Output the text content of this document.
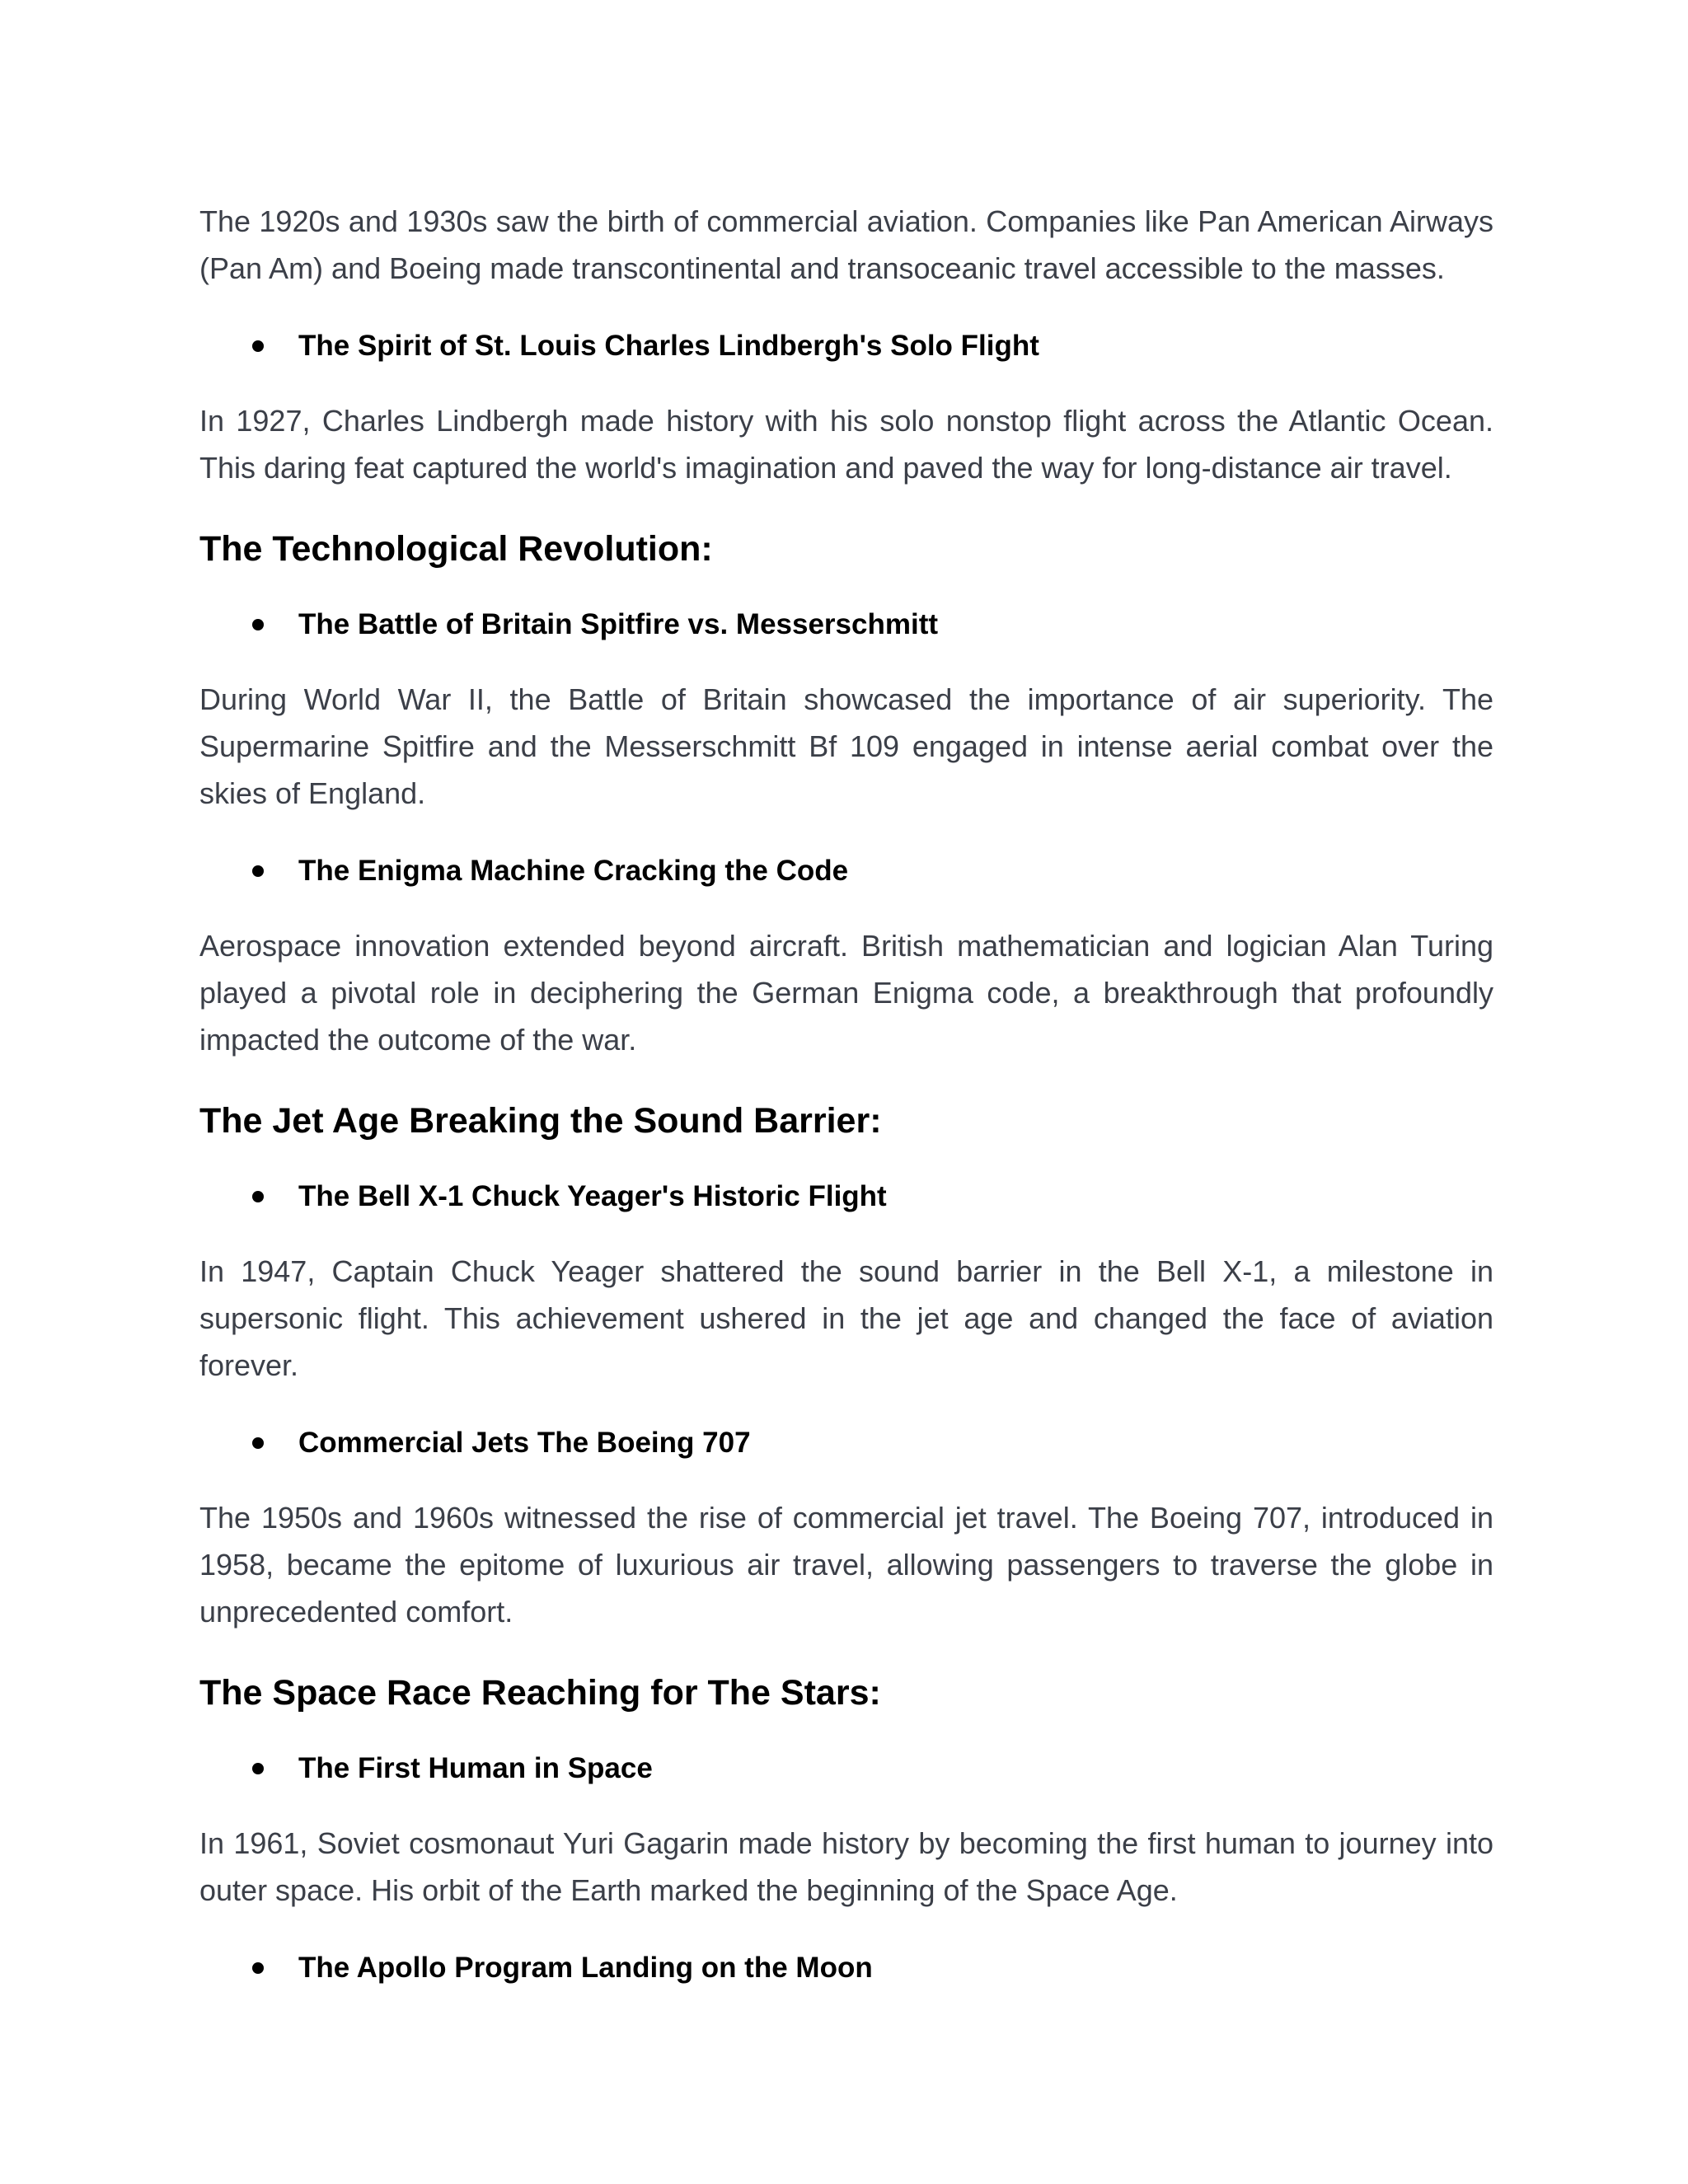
The 1920s and 1930s saw the birth of commercial aviation. Companies like Pan American Airways (Pan Am) and Boeing made transcontinental and transoceanic travel accessible to the masses.

The Spirit of St. Louis Charles Lindbergh's Solo Flight

In 1927, Charles Lindbergh made history with his solo nonstop flight across the Atlantic Ocean. This daring feat captured the world's imagination and paved the way for long-distance air travel.

The Technological Revolution:

The Battle of Britain Spitfire vs. Messerschmitt

During World War II, the Battle of Britain showcased the importance of air superiority. The Supermarine Spitfire and the Messerschmitt Bf 109 engaged in intense aerial combat over the skies of England.

The Enigma Machine Cracking the Code

Aerospace innovation extended beyond aircraft. British mathematician and logician Alan Turing played a pivotal role in deciphering the German Enigma code, a breakthrough that profoundly impacted the outcome of the war.

The Jet Age Breaking the Sound Barrier:

The Bell X-1 Chuck Yeager's Historic Flight

In 1947, Captain Chuck Yeager shattered the sound barrier in the Bell X-1, a milestone in supersonic flight. This achievement ushered in the jet age and changed the face of aviation forever.

Commercial Jets The Boeing 707

The 1950s and 1960s witnessed the rise of commercial jet travel. The Boeing 707, introduced in 1958, became the epitome of luxurious air travel, allowing passengers to traverse the globe in unprecedented comfort.

The Space Race Reaching for The Stars:

The First Human in Space

In 1961, Soviet cosmonaut Yuri Gagarin made history by becoming the first human to journey into outer space. His orbit of the Earth marked the beginning of the Space Age.

The Apollo Program Landing on the Moon
